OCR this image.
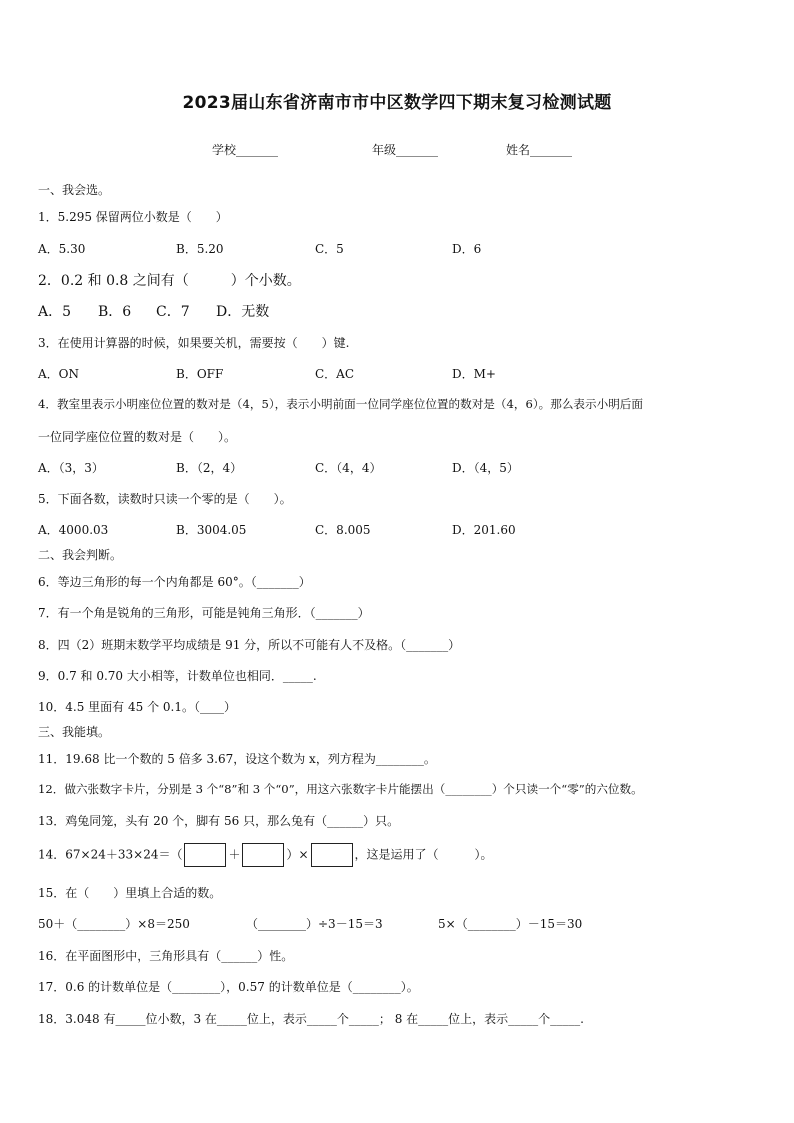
2023届山东省济南市市中区数学四下期末复习检测试题
学校_______	年级_______	姓名_______
一、我会选。
1．5.295 保留两位小数是（　　）
A．5.30	B．5.20	C．5	D．6
2．0.2 和 0.8 之间有（　　　）个小数。
A．5 B．6 C．7 D．无数
3．在使用计算器的时候，如果要关机，需要按（　　）键.
A．ON	B．OFF	C．AC	D．M+
4．教室里表示小明座位位置的数对是（4，5），表示小明前面一位同学座位位置的数对是（4，6）。那么表示小明后面
一位同学座位位置的数对是（　　）。
A．（3，3）	B．（2，4）	C．（4，4）	D．（4，5）
5．下面各数，读数时只读一个零的是（　　）。
A．4000.03	B．3004.05	C．8.005	D．201.60
二、我会判断。
6．等边三角形的每一个内角都是 60°。（_______）
7．有一个角是锐角的三角形，可能是钝角三角形．（_______）
8．四（2）班期末数学平均成绩是 91 分，所以不可能有人不及格。（_______）
9．0.7 和 0.70 大小相等，计数单位也相同．_____.
10．4.5 里面有 45 个 0.1。（____）
三、我能填。
11．19.68 比一个数的 5 倍多 3.67，设这个数为 x，列方程为________。
12．做六张数字卡片，分别是 3 个“8”和 3 个“0”，用这六张数字卡片能摆出（________）个只读一个“零”的六位数。
13．鸡兔同笼，头有 20 个，脚有 56 只，那么兔有（______）只。
14．67×24＋33×24＝（	＋	）×	，这是运用了（　　　）。
15．在（　　）里填上合适的数。
50＋（________）×8＝250	（________）÷3－15＝3	5×（________）－15＝30
16．在平面图形中，三角形具有（______）性。
17．0.6 的计数单位是（________），0.57 的计数单位是（________）。
18．3.048 有_____位小数，3 在_____位上，表示_____个_____； 8 在_____位上，表示_____个_____.
